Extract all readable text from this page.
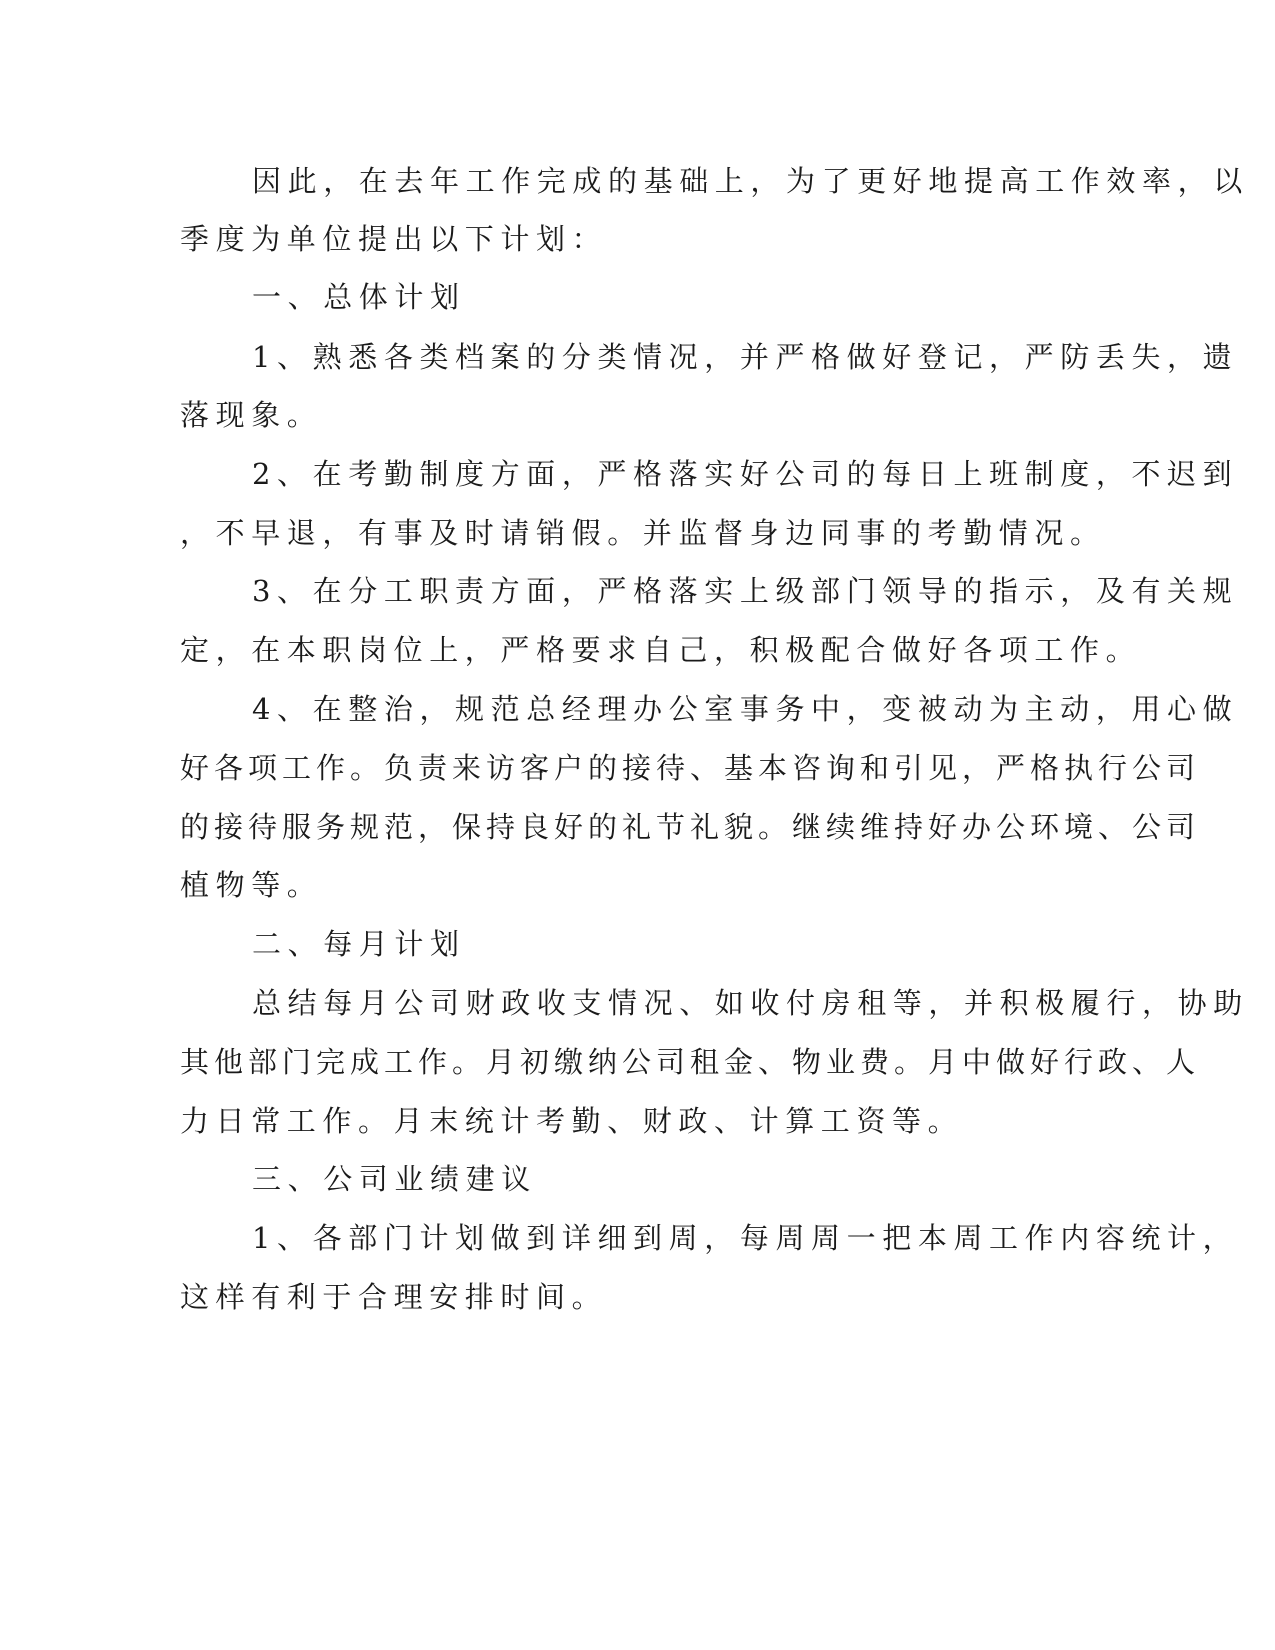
因此，在去年工作完成的基础上，为了更好地提高工作效率，以
季度为单位提出以下计划：
一、总体计划
1、熟悉各类档案的分类情况，并严格做好登记，严防丢失，遗
落现象。
2、在考勤制度方面，严格落实好公司的每日上班制度，不迟到
，不早退，有事及时请销假。并监督身边同事的考勤情况。
3、在分工职责方面，严格落实上级部门领导的指示，及有关规
定，在本职岗位上，严格要求自己，积极配合做好各项工作。
4、在整治，规范总经理办公室事务中，变被动为主动，用心做
好各项工作。负责来访客户的接待、基本咨询和引见，严格执行公司
的接待服务规范，保持良好的礼节礼貌。继续维持好办公环境、公司
植物等。
二、每月计划
总结每月公司财政收支情况、如收付房租等，并积极履行，协助
其他部门完成工作。月初缴纳公司租金、物业费。月中做好行政、人
力日常工作。月末统计考勤、财政、计算工资等。
三、公司业绩建议
1、各部门计划做到详细到周，每周周一把本周工作内容统计，
这样有利于合理安排时间。
